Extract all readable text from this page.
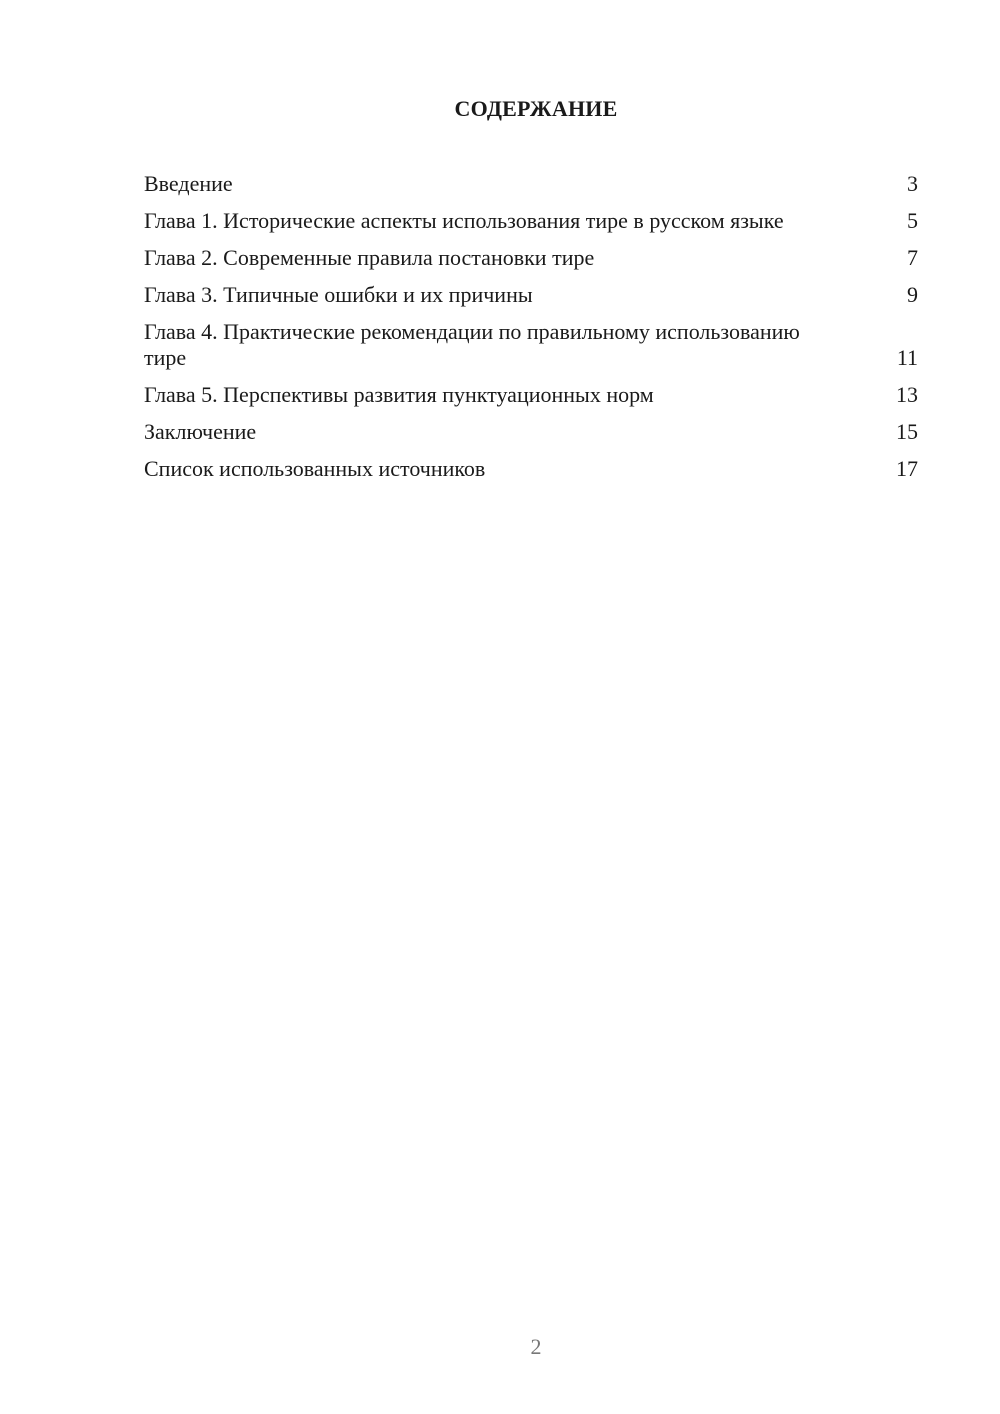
СОДЕРЖАНИЕ
Введение	3
Глава 1. Исторические аспекты использования тире в русском языке	5
Глава 2. Современные правила постановки тире	7
Глава 3. Типичные ошибки и их причины	9
Глава 4. Практические рекомендации по правильному использованию тире	11
Глава 5. Перспективы развития пунктуационных норм	13
Заключение	15
Список использованных источников	17

2
